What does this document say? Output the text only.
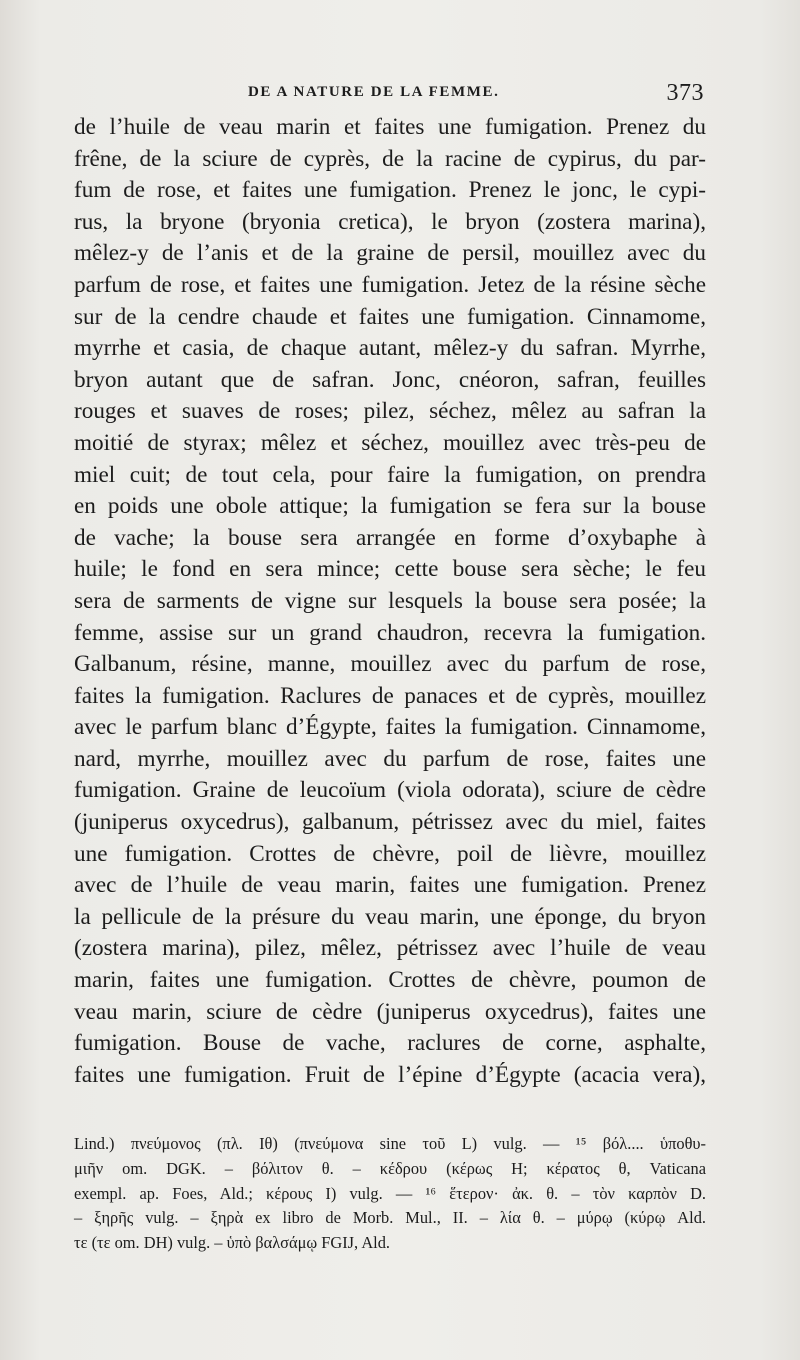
DE A NATURE DE LA FEMME.	373
de l’huile de veau marin et faites une fumigation. Prenez du
frêne, de la sciure de cyprès, de la racine de cypirus, du par-
fum de rose, et faites une fumigation. Prenez le jonc, le cypi-
rus, la bryone (bryonia cretica), le bryon (zostera marina),
mêlez-y de l’anis et de la graine de persil, mouillez avec du
parfum de rose, et faites une fumigation. Jetez de la résine sèche
sur de la cendre chaude et faites une fumigation. Cinnamome,
myrrhe et casia, de chaque autant, mêlez-y du safran. Myrrhe,
bryon autant que de safran. Jonc, cnéoron, safran, feuilles
rouges et suaves de roses; pilez, séchez, mêlez au safran la
moitié de styrax; mêlez et séchez, mouillez avec très-peu de
miel cuit; de tout cela, pour faire la fumigation, on prendra
en poids une obole attique; la fumigation se fera sur la bouse
de vache; la bouse sera arrangée en forme d’oxybaphe à
huile; le fond en sera mince; cette bouse sera sèche; le feu
sera de sarments de vigne sur lesquels la bouse sera posée; la
femme, assise sur un grand chaudron, recevra la fumigation.
Galbanum, résine, manne, mouillez avec du parfum de rose,
faites la fumigation. Raclures de panaces et de cyprès, mouillez
avec le parfum blanc d’Égypte, faites la fumigation. Cinnamome,
nard, myrrhe, mouillez avec du parfum de rose, faites une
fumigation. Graine de leucoïum (viola odorata), sciure de cèdre
(juniperus oxycedrus), galbanum, pétrissez avec du miel, faites
une fumigation. Crottes de chèvre, poil de lièvre, mouillez
avec de l’huile de veau marin, faites une fumigation. Prenez
la pellicule de la présure du veau marin, une éponge, du bryon
(zostera marina), pilez, mêlez, pétrissez avec l’huile de veau
marin, faites une fumigation. Crottes de chèvre, poumon de
veau marin, sciure de cèdre (juniperus oxycedrus), faites une
fumigation. Bouse de vache, raclures de corne, asphalte,
faites une fumigation. Fruit de l’épine d’Égypte (acacia vera),
Lind.) πνεύμονος (πλ. Ιθ) (πνεύμονα sine τοῦ L) vulg. — ¹⁵ βόλ.... ὑποθυ-
μιῆν om. DGK. – βόλιτον θ. – κέδρου (κέρως Η; κέρατος θ, Vaticana
exempl. ap. Foes, Ald.; κέρους Ι) vulg. — ¹⁶ ἕτερον· ἀκ. θ. – τὸν καρπὸν D.
– ξηρῆς vulg. – ξηρὰ ex libro de Morb. Mul., II. – λία θ. – μύρῳ (κύρῳ Ald.
τε (τε om. DH) vulg. – ὑπὸ βαλσάμῳ FGIJ, Ald.
